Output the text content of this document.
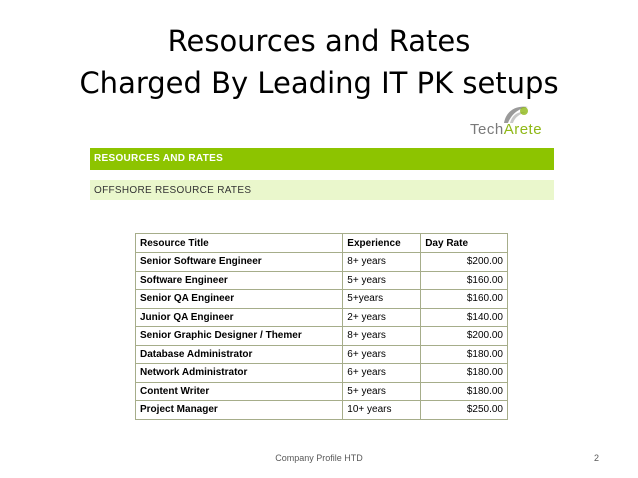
Resources and Rates
Charged By Leading IT PK setups
TechArete
RESOURCES AND RATES
OFFSHORE RESOURCE RATES
Resource Title	Experience	Day Rate
Senior Software Engineer	8+ years	$200.00
Software Engineer	5+ years	$160.00
Senior QA Engineer	5+years	$160.00
Junior QA Engineer	2+ years	$140.00
Senior Graphic Designer / Themer	8+ years	$200.00
Database Administrator	6+ years	$180.00
Network Administrator	6+ years	$180.00
Content Writer	5+ years	$180.00
Project Manager	10+ years	$250.00
Company Profile HTD	2
